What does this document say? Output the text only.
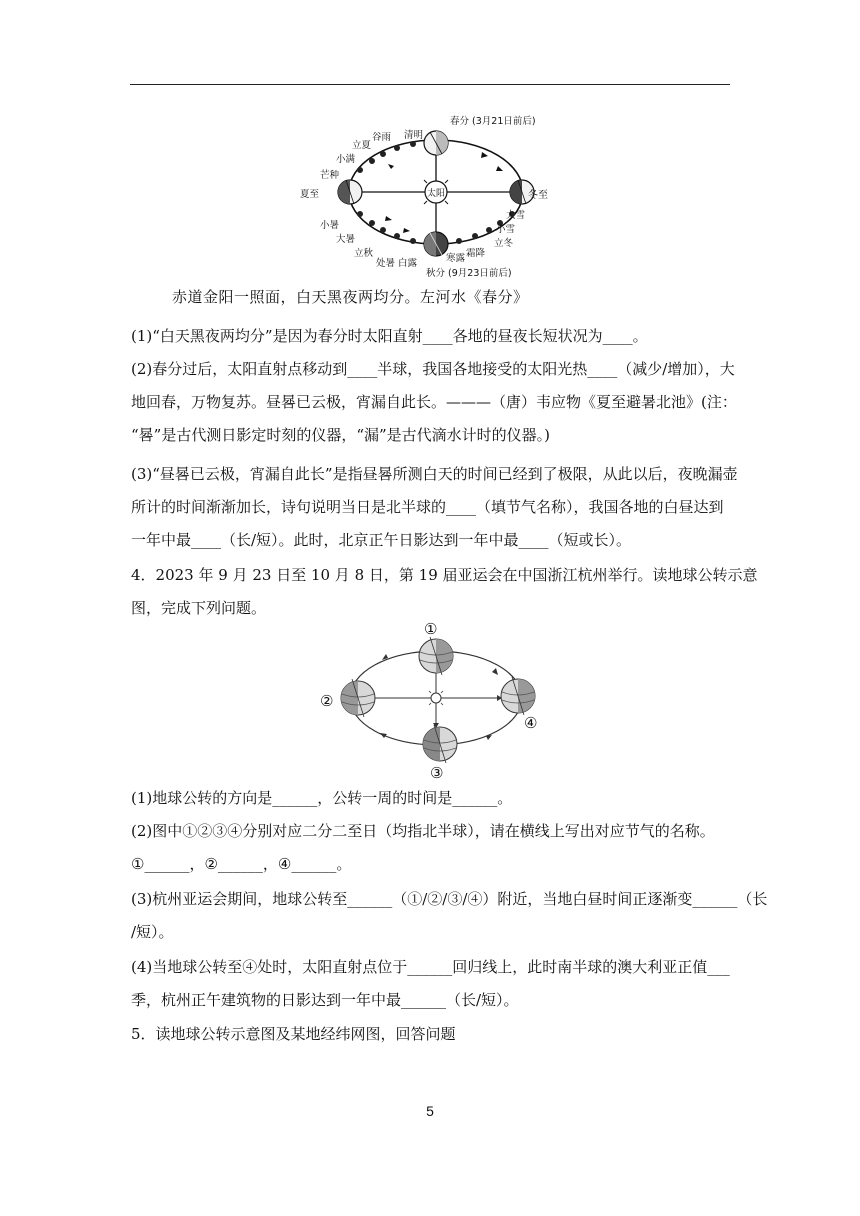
太阳
春分 (3月21日前后)
清明
谷雨
立夏
小满
芒种
夏至
小暑
大暑
立秋
处暑 白露	寒露 霜降
秋分 (9月23日前后)
立冬
小雪
大雪
冬至
赤道金阳一照面，白天黑夜两均分。左河水《春分》
(1)“白天黑夜两均分”是因为春分时太阳直射____各地的昼夜长短状况为____。
(2)春分过后，太阳直射点移动到____半球，我国各地接受的太阳光热____（减少/增加），大
地回春，万物复苏。昼晷已云极，宵漏自此长。———（唐）韦应物《夏至避暑北池》(注：
“晷”是古代测日影定时刻的仪器，“漏”是古代滴水计时的仪器。)
(3)“昼晷已云极，宵漏自此长”是指昼晷所测白天的时间已经到了极限，从此以后，夜晚漏壶
所计的时间渐渐加长，诗句说明当日是北半球的____（填节气名称），我国各地的白昼达到
一年中最____（长/短）。此时，北京正午日影达到一年中最____（短或长）。
4．2023 年 9 月 23 日至 10 月 8 日，第 19 届亚运会在中国浙江杭州举行。读地球公转示意
图，完成下列问题。
①
②
③
④
(1)地球公转的方向是______，公转一周的时间是______。
(2)图中①②③④分别对应二分二至日（均指北半球），请在横线上写出对应节气的名称。
①______，②______，④______。
(3)杭州亚运会期间，地球公转至______（①/②/③/④）附近，当地白昼时间正逐渐变______（长
/短）。
(4)当地球公转至④处时，太阳直射点位于______回归线上，此时南半球的澳大利亚正值___
季，杭州正午建筑物的日影达到一年中最______（长/短）。
5．读地球公转示意图及某地经纬网图，回答问题
5
